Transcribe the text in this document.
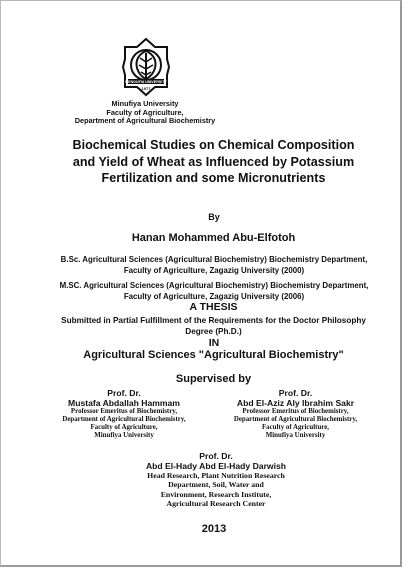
MENOUFIA UNIVERSITY
1977
Minufiya University
Faculty of Agriculture,
Department of Agricultural Biochemistry
Biochemical Studies on Chemical Composition and Yield of Wheat as Influenced by Potassium Fertilization and some Micronutrients
By
Hanan Mohammed Abu-Elfotoh
B.Sc. Agricultural Sciences (Agricultural Biochemistry) Biochemistry Department, Faculty of Agriculture, Zagazig University (2000)
M.SC. Agricultural Sciences (Agricultural Biochemistry) Biochemistry Department, Faculty of Agriculture, Zagazig University (2006)
A THESIS
Submitted in Partial Fulfillment of the Requirements for the Doctor Philosophy Degree (Ph.D.)
IN
Agricultural Sciences "Agricultural Biochemistry"
Supervised by
Prof. Dr.
Mustafa Abdallah Hammam
Professor Emeritus of Biochemistry,
Department of Agricultural Biochemistry,
Faculty of Agriculture,
Minufiya University
Prof. Dr.
Abd El-Aziz Aly Ibrahim Sakr
Professor Emeritus of Biochemistry,
Department of Agricultural Biochemistry,
Faculty of Agriculture,
Minufiya University
Prof. Dr.
Abd El-Hady Abd El-Hady Darwish
Head Research, Plant Nutrition Research
Department, Soil, Water and
Environment, Research Institute,
Agricultural Research Center
2013
